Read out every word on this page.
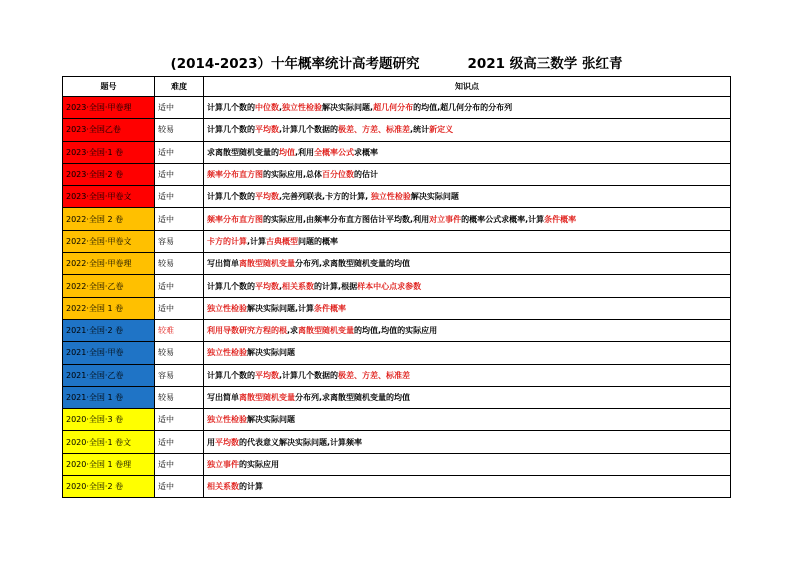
(2014-2023）十年概率统计高考题研究	2021 级高三数学 张红青
题号	难度	知识点
2023·全国·甲卷理	适中	计算几个数的中位数,独立性检验解决实际问题,超几何分布的均值,超几何分布的分布列
2023·全国乙卷	较易	计算几个数的平均数,计算几个数据的极差、方差、标准差,统计新定义
2023·全国·1 卷	适中	求离散型随机变量的均值,利用全概率公式求概率
2023·全国·2 卷	适中	频率分布直方图的实际应用,总体百分位数的估计
2023·全国·甲卷文	适中	计算几个数的平均数,完善列联表,卡方的计算, 独立性检验解决实际问题
2022·全国 2 卷	适中	频率分布直方图的实际应用,由频率分布直方图估计平均数,利用对立事件的概率公式求概率,计算条件概率
2022·全国·甲卷文	容易	卡方的计算,计算古典概型问题的概率
2022·全国·甲卷理	较易	写出简单离散型随机变量分布列,求离散型随机变量的均值
2022·全国·乙卷	适中	计算几个数的平均数,相关系数的计算,根据样本中心点求参数
2022·全国 1 卷	适中	独立性检验解决实际问题,计算条件概率
2021·全国·2 卷	较难	利用导数研究方程的根,求离散型随机变量的均值,均值的实际应用
2021·全国·甲卷	较易	独立性检验解决实际问题
2021·全国·乙卷	容易	计算几个数的平均数,计算几个数据的极差、方差、标准差
2021·全国 1 卷	较易	写出简单离散型随机变量分布列,求离散型随机变量的均值
2020·全国·3 卷	适中	独立性检验解决实际问题
2020·全国·1 卷文	适中	用平均数的代表意义解决实际问题,计算频率
2020·全国 1 卷理	适中	独立事件的实际应用
2020·全国·2 卷	适中	相关系数的计算
